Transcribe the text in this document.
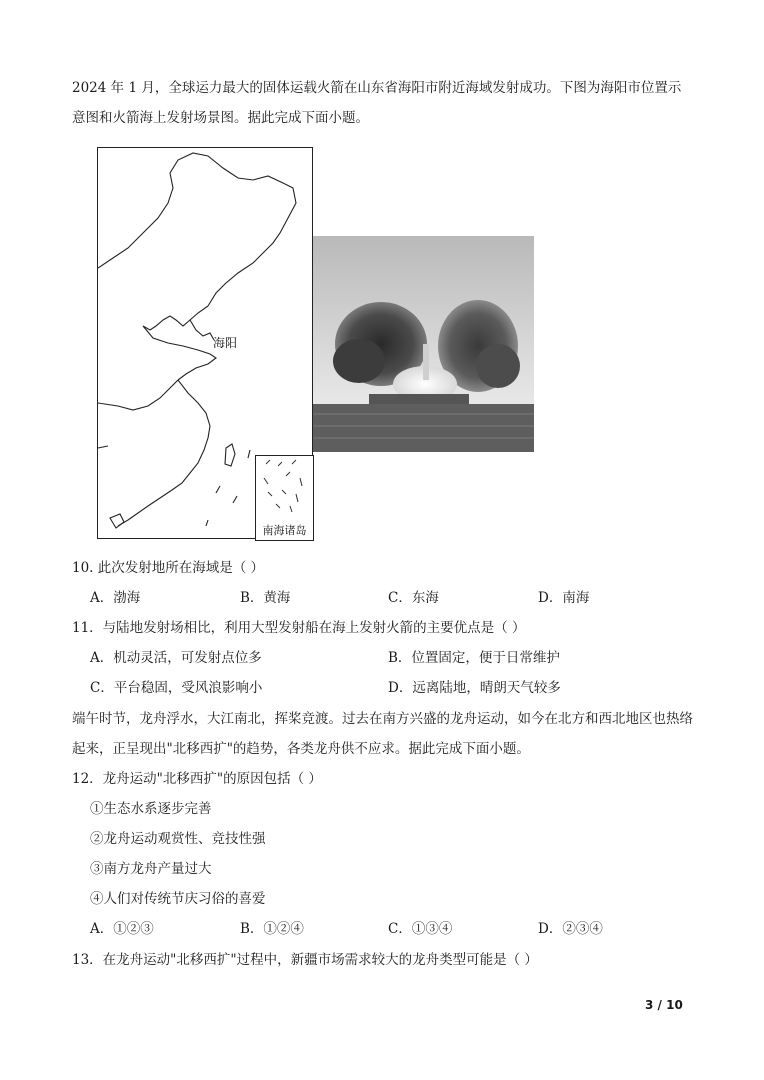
2024 年 1 月，全球运力最大的固体运载火箭在山东省海阳市附近海域发射成功。下图为海阳市位置示意图和火箭海上发射场景图。据此完成下面小题。

海阳
南海诸岛

10. 此次发射地所在海域是（ ）

A．渤海	B．黄海	C．东海	D．南海

11．与陆地发射场相比，利用大型发射船在海上发射火箭的主要优点是（ ）

A．机动灵活，可发射点位多	B．位置固定，便于日常维护
C．平台稳固，受风浪影响小	D．远离陆地，晴朗天气较多

端午时节，龙舟浮水，大江南北，挥桨竞渡。过去在南方兴盛的龙舟运动，如今在北方和西北地区也热络起来，正呈现出"北移西扩"的趋势，各类龙舟供不应求。据此完成下面小题。

12．龙舟运动"北移西扩"的原因包括（ ）

①生态水系逐步完善
②龙舟运动观赏性、竞技性强
③南方龙舟产量过大
④人们对传统节庆习俗的喜爱
A．①②③	B．①②④	C．①③④	D．②③④

13．在龙舟运动"北移西扩"过程中，新疆市场需求较大的龙舟类型可能是（ ）

3 / 10
